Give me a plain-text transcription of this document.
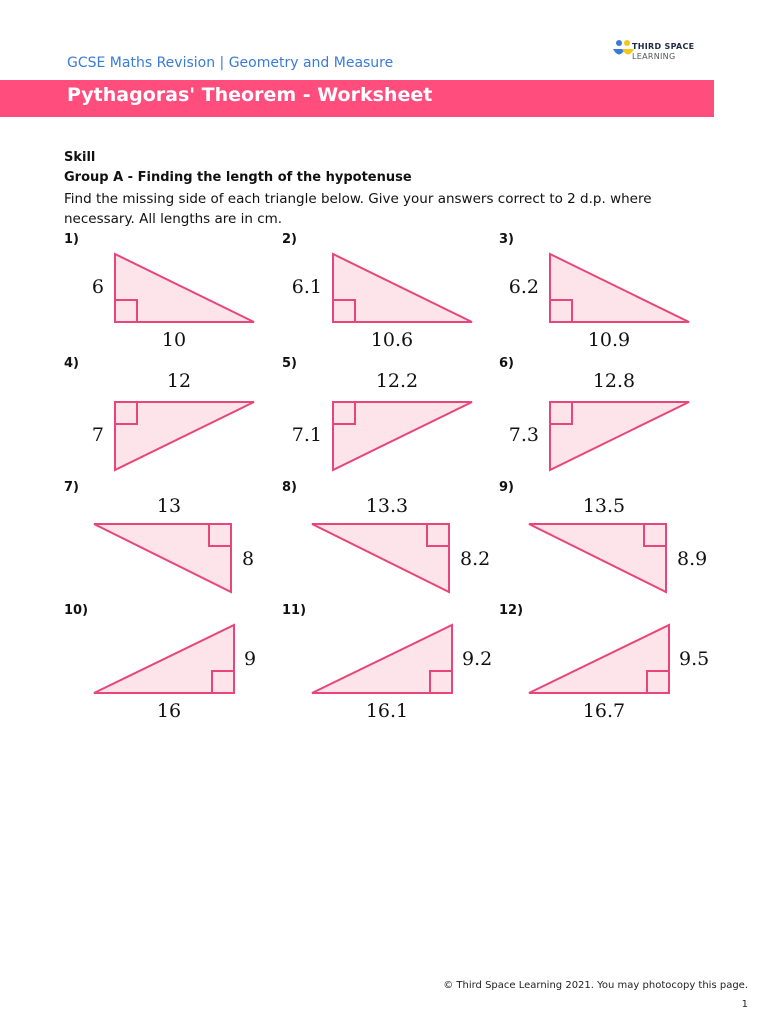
GCSE Maths Revision | Geometry and Measure
THIRD SPACE
LEARNING
Pythagoras' Theorem - Worksheet
Skill
Group A - Finding the length of the hypotenuse
Find the missing side of each triangle below. Give your answers correct to 2 d.p. where necessary. All lengths are in cm.
1)
6
10
2)
6.1
10.6
3)
6.2
10.9
4)
7
12
5)
7.1
12.2
6)
7.3
12.8
7)
8
13
8)
8.2
13.3
9)
8.9
13.5
10)
9
16
11)
9.2
16.1
12)
9.5
16.7
© Third Space Learning 2021. You may photocopy this page.
1
